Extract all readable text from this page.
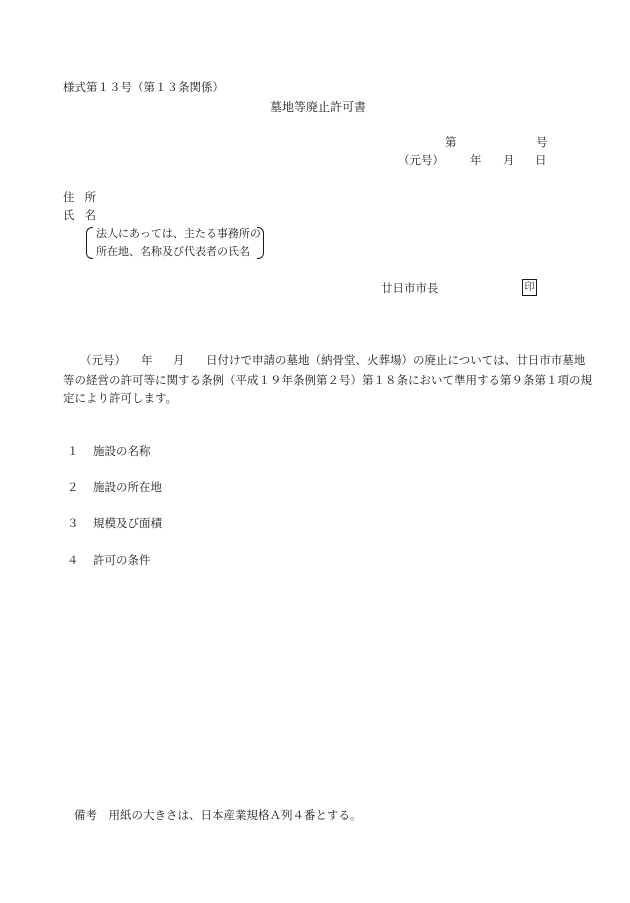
様式第１３号（第１３条関係）
墓地等廃止許可書
第	号
（元号） 年 月 日
住所
氏名
法人にあっては、主たる事務所の
所在地、名称及び代表者の氏名
廿日市市長	印
（元号） 年 月 日付けで申請の墓地（納骨堂、火葬場）の廃止については、廿日市市墓地
等の経営の許可等に関する条例（平成１９年条例第２号）第１８条において準用する第９条第１項の規
定により許可します。
１ 施設の名称
２ 施設の所在地
３ 規模及び面積
４ 許可の条件
備考　用紙の大きさは、日本産業規格Ａ列４番とする。
